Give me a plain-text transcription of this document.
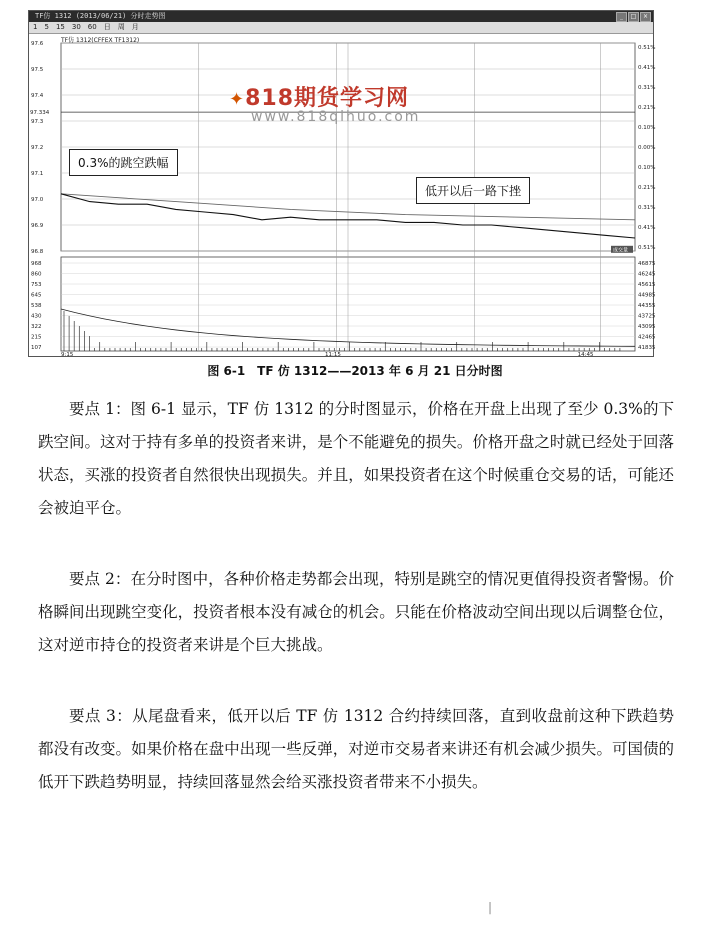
TF仿 1312 (2013/06/21) 分时走势图	_	□	×
1 5 15 30 60 日 周 月
TF仿 1312(CFFEX TF1312)
97.6
97.5
97.4
97.3
97.2
97.1
97.0
96.9
96.8
97.334
0.51%
0.41%
0.31%
0.21%
0.10%
0.00%
0.10%
0.21%
0.31%
0.41%
0.51%
968
860
753
645
538
430
322
215
107
46875
46245
45615
44985
44355
43725
43095
42465
41835
9:15	11:15	14:45
成交量
✦818期货学习网
www.818qihuo.com
0.3%的跳空跌幅
低开以后一路下挫
图 6-1　TF 仿 1312——2013 年 6 月 21 日分时图

要点 1：图 6-1 显示，TF 仿 1312 的分时图显示，价格在开盘上出现了至少 0.3%的下跌空间。这对于持有多单的投资者来讲，是个不能避免的损失。价格开盘之时就已经处于回落状态，买涨的投资者自然很快出现损失。并且，如果投资者在这个时候重仓交易的话，可能还会被迫平仓。

要点 2：在分时图中，各种价格走势都会出现，特别是跳空的情况更值得投资者警惕。价格瞬间出现跳空变化，投资者根本没有减仓的机会。只能在价格波动空间出现以后调整仓位，这对逆市持仓的投资者来讲是个巨大挑战。

要点 3：从尾盘看来，低开以后 TF 仿 1312 合约持续回落，直到收盘前这种下跌趋势都没有改变。如果价格在盘中出现一些反弹，对逆市交易者来讲还有机会减少损失。可国债的低开下跌趋势明显，持续回落显然会给买涨投资者带来不小损失。

|
